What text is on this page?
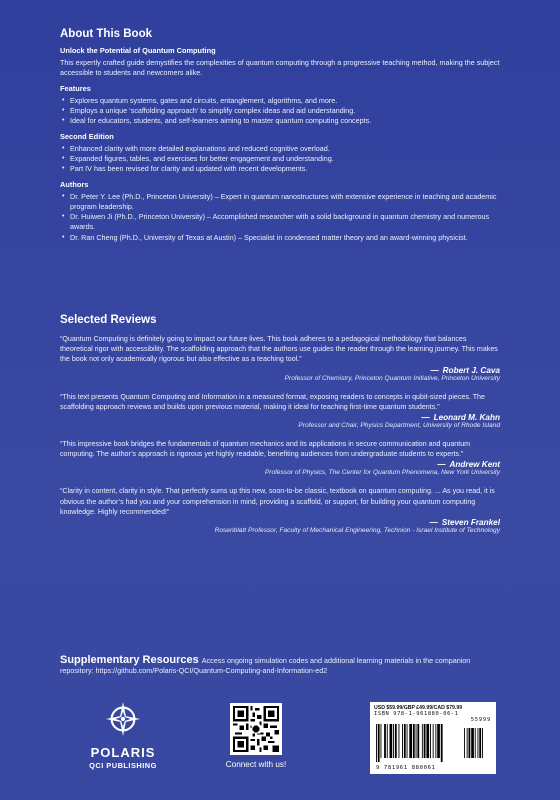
About This Book
Unlock the Potential of Quantum Computing

This expertly crafted guide demystifies the complexities of quantum computing through a progressive teaching method, making the subject accessible to students and newcomers alike.

Features
• Explores quantum systems, gates and circuits, entanglement, algorithms, and more.
• Employs a unique ‘scaffolding approach’ to simplify complex ideas and aid understanding.
• Ideal for educators, students, and self-learners aiming to master quantum computing concepts.
Second Edition
• Enhanced clarity with more detailed explanations and reduced cognitive overload.
• Expanded figures, tables, and exercises for better engagement and understanding.
• Part IV has been revised for clarity and updated with recent developments.
Authors
• Dr. Peter Y. Lee (Ph.D., Princeton University) – Expert in quantum nanostructures with extensive experience in teaching and academic program leadership.
• Dr. Huiwen Ji (Ph.D., Princeton University) – Accomplished researcher with a solid background in quantum chemistry and numerous awards.
• Dr. Ran Cheng (Ph.D., University of Texas at Austin) – Specialist in condensed matter theory and an award-winning physicist.
Selected Reviews

“Quantum Computing is definitely going to impact our future lives. This book adheres to a pedagogical methodology that balances theoretical rigor with accessibility. The scaffolding approach that the authors use guides the reader through the learning journey. This makes the book not only academically rigorous but also effective as a teaching tool.”

— Robert J. Cava
Professor of Chemistry, Princeton Quantum Initiative, Princeton University

“This text presents Quantum Computing and Information in a measured format, exposing readers to concepts in qubit-sized pieces. The scaffolding approach reviews and builds upon previous material, making it ideal for teaching first-time quantum students.”

— Leonard M. Kahn
Professor and Chair, Physics Department, University of Rhode Island

“This impressive book bridges the fundamentals of quantum mechanics and its applications in secure communication and quantum computing. The author’s approach is rigorous yet highly readable, benefiting audiences from undergraduate students to experts.”

— Andrew Kent
Professor of Physics, The Center for Quantum Phenomena, New York University

“Clarity in content, clarity in style. That perfectly sums up this new, soon-to-be classic, textbook on quantum computing. ... As you read, it is obvious the author’s had you and your comprehension in mind, providing a scaffold, or support, for building your quantum computing knowledge. Highly recommended!”

— Steven Frankel
Rosenblatt Professor, Faculty of Mechanical Engineering, Technion - Israel Institute of Technology

Supplementary Resources Access ongoing simulation codes and additional learning materials in the companion repository: https://github.com/Polaris-QCI/Quantum-Computing-and-Information-ed2

POLARIS
QCI PUBLISHING	Connect with us!
USD $59.99/GBP £49.99/CAD $79.99
ISBN 978-1-961880-06-1
55999
9 781961 880061
